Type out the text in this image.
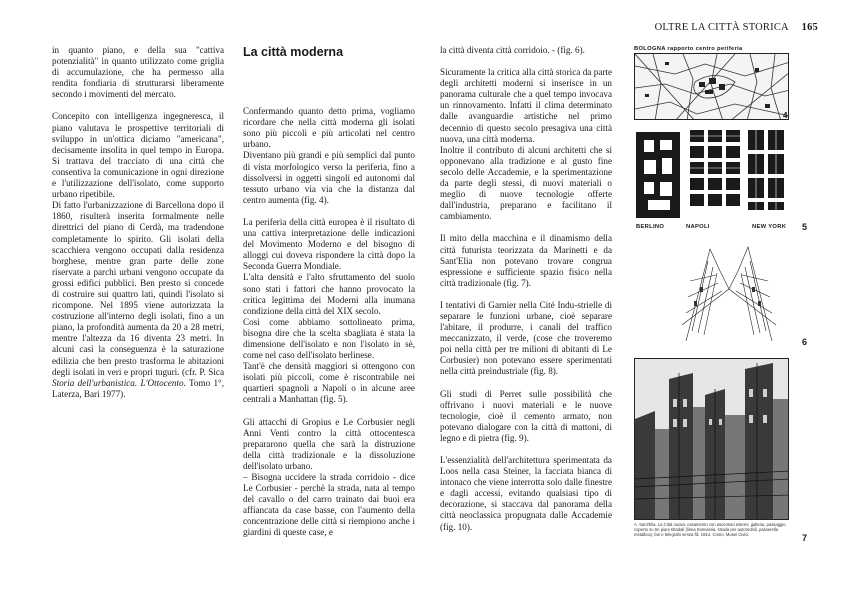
OLTRE LA CITTÀ STORICA 165

in quanto piano, e della sua "cattiva potenzialità" in quanto utilizzato come griglia di accumulazione, che ha permesso alla rendita fondiaria di strutturarsi liberamente secondo i movimenti del mercato.

Concepito con intelligenza ingegneresca, il piano valutava le prospettive territoriali di sviluppo in un'ottica diciamo "americana", decisamente insolita in quel tempo in Europa. Si trattava del tracciato di una città che consentiva la comunicazione in ogni direzione e l'utilizzazione dell'isolato, come supporto urbano ripetibile.

Di fatto l'urbanizzazione di Barcellona dopo il 1860, risulterà inserita formalmente nelle direttrici del piano di Cerdà, ma tradendone completamente lo spirito. Gli isolati della scacchiera vengono occupati dalla residenza borghese, mentre gran parte delle zone riservate a parchi urbani vengono occupate da grossi edifici pubblici. Ben presto si concede di costruire sui quattro lati, quindi l'isolato si ricompone. Nel 1895 viene autorizzata la costruzione all'interno degli isolati, fino a un piano, la profondità aumenta da 20 a 28 metri, mentre l'altezza da 16 diventa 23 metri. In alcuni casi la conseguenza è la saturazione edilizia che ben presto trasforma le abitazioni degli isolati in veri e propri tuguri. (cfr. P. Sica Storia dell'urbanistica. L'Ottocento. Tomo 1°, Laterza, Bari 1977).

La città moderna

Confermando quanto detto prima, vogliamo ricordare che nella città moderna gli isolati sono più piccoli e più articolati nel centro urbano.

Diventano più grandi e più semplici dal punto di vista morfologico verso la periferia, fino a dissolversi in oggetti singoli ed autonomi dal tessuto urbano via via che la distanza dal centro aumenta (fig. 4).

La periferia della città europea è il risultato di una cattiva interpretazione delle indicazioni del Movimento Moderno e del bisogno di alloggi cui doveva rispondere la città dopo la Seconda Guerra Mondiale.

L'alta densità e l'alto sfruttamento del suolo sono stati i fattori che hanno provocato la critica legittima dei Moderni alla inumana condizione della città del XIX secolo.

Così come abbiamo sottolineato prima, bisogna dire che la scelta sbagliata è stata la dimensione dell'isolato e non l'isolato in sè, come nel caso dell'isolato berlinese.

Tant'è che densità maggiori si ottengono con isolati più piccoli, come è riscontrabile nei quartieri spagnoli a Napoli o in alcune aree centrali a Manhattan (fig. 5).

Gli attacchi di Gropius e Le Corbusier negli Anni Venti contro la città ottocentesca prepararono quella che sarà la distruzione della città tradizionale e la dissoluzione dell'isolato urbano.

– Bisogna uccidere la strada corridoio - dice Le Corbusier - perchè la strada, nata al tempo del cavallo o del carro trainato dai buoi era affiancata da case basse, con l'aumento della concentrazione delle città si riempiono anche i giardini di queste case, e

la città diventa città corridoio. - (fig. 6).

Sicuramente la critica alla città storica da parte degli architetti moderni si inserisce in un panorama culturale che a quel tempo invocava un rinnovamento. Infatti il clima determinato dalle avanguardie artistiche nel primo decennio di questo secolo presagiva una città nuova, una città moderna.

Inoltre il contributo di alcuni architetti che si opponevano alla tradizione e al gusto fine secolo delle Accademie, e la sperimentazione da parte degli stessi, di nuovi materiali o meglio di nuove tecnologie offerte dall'industria, preparano e facilitano il cambiamento.

Il mito della macchina e il dinamismo della città futurista teorizzata da Marinetti e da Sant'Elia non potevano trovare congrua espressione e sufficiente spazio fisico nella città tradizionale (fig. 7).

I tentativi di Garnier nella Cité Indu-strielle di separare le funzioni urbane, cioè separare l'abitare, il produrre, i canali del traffico meccanizzato, il verde, (cose che troveremo poi nella città per tre milioni di abitanti di Le Corbusier) non potevano essere sperimentati nella città preindustriale (fig. 8).

Gli studi di Perret sulle possibilità che offrivano i nuovi materiali e le nuove tecnologie, cioè il cemento armato, non potevano dialogare con la città di mattoni, di legno e di pietra (fig. 9).

L'essenzialità dell'architettura sperimentata da Loos nella casa Steiner, la facciata bianca di intonaco che viene interrotta solo dalle finestre e dagli accessi, evitando qualsiasi tipo di decorazione, si staccava dal panorama della città neoclassica propugnata dalle Accademie (fig. 10).

BOLOGNA rapporto centro periferia
4
BERLINO	NAPOLI	NEW YORK 5
6
A. Sant'Elia. La Città nuova: casamento con ascensori esterni, galleria, passaggio coperto su tre piani stradali (linea tramviaria, strada per automobili, passerella metallica), fari e telegrafo senza fili. 1914. Como, Musei Civici.	7
